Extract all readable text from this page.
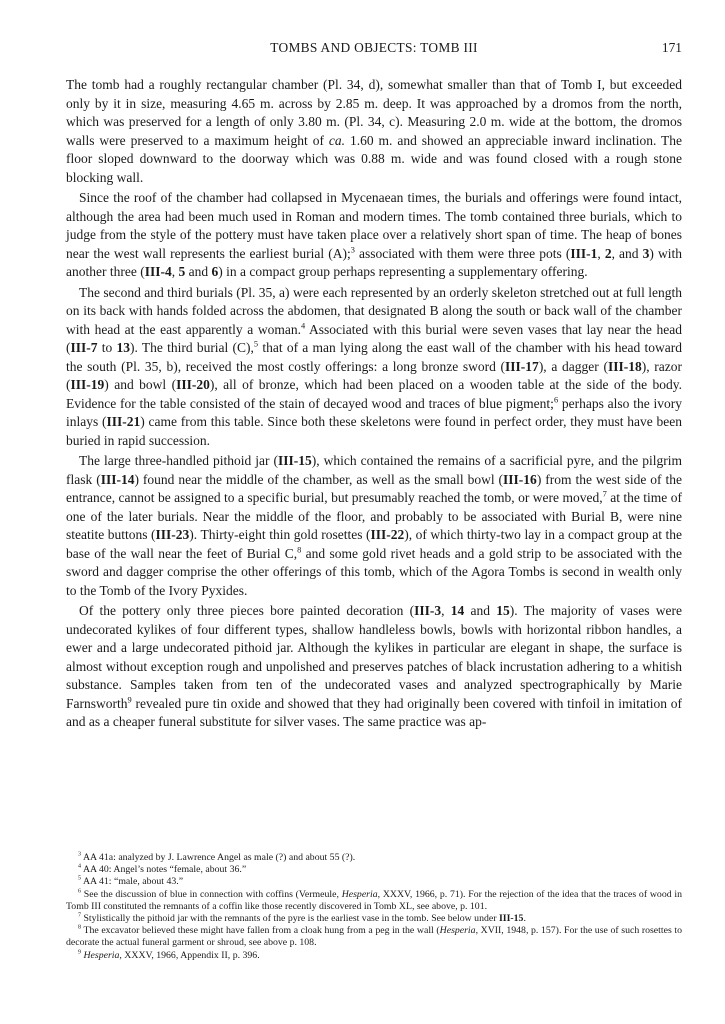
TOMBS AND OBJECTS: TOMB III	171

The tomb had a roughly rectangular chamber (Pl. 34, d), somewhat smaller than that of Tomb I, but exceeded only by it in size, measuring 4.65 m. across by 2.85 m. deep. It was approached by a dromos from the north, which was preserved for a length of only 3.80 m. (Pl. 34, c). Measuring 2.0 m. wide at the bottom, the dromos walls were preserved to a maximum height of ca. 1.60 m. and showed an appreciable inward inclination. The floor sloped downward to the doorway which was 0.88 m. wide and was found closed with a rough stone blocking wall.

Since the roof of the chamber had collapsed in Mycenaean times, the burials and offerings were found intact, although the area had been much used in Roman and modern times. The tomb contained three burials, which to judge from the style of the pottery must have taken place over a relatively short span of time. The heap of bones near the west wall represents the earliest burial (A);$^3$ associated with them were three pots (III-1, 2, and 3) with another three (III-4, 5 and 6) in a compact group perhaps representing a supplementary offering.

The second and third burials (Pl. 35, a) were each represented by an orderly skeleton stretched out at full length on its back with hands folded across the abdomen, that designated B along the south or back wall of the chamber with head at the east apparently a woman.$^4$ Associated with this burial were seven vases that lay near the head (III-7 to 13). The third burial (C),$^5$ that of a man lying along the east wall of the chamber with his head toward the south (Pl. 35, b), received the most costly offerings: a long bronze sword (III-17), a dagger (III-18), razor (III-19) and bowl (III-20), all of bronze, which had been placed on a wooden table at the side of the body. Evidence for the table consisted of the stain of decayed wood and traces of blue pigment;$^6$ perhaps also the ivory inlays (III-21) came from this table. Since both these skeletons were found in perfect order, they must have been buried in rapid succession.

The large three-handled pithoid jar (III-15), which contained the remains of a sacrificial pyre, and the pilgrim flask (III-14) found near the middle of the chamber, as well as the small bowl (III-16) from the west side of the entrance, cannot be assigned to a specific burial, but presumably reached the tomb, or were moved,$^7$ at the time of one of the later burials. Near the middle of the floor, and probably to be associated with Burial B, were nine steatite buttons (III-23). Thirty-eight thin gold rosettes (III-22), of which thirty-two lay in a compact group at the base of the wall near the feet of Burial C,$^8$ and some gold rivet heads and a gold strip to be associated with the sword and dagger comprise the other offerings of this tomb, which of the Agora Tombs is second in wealth only to the Tomb of the Ivory Pyxides.

Of the pottery only three pieces bore painted decoration (III-3, 14 and 15). The majority of vases were undecorated kylikes of four different types, shallow handleless bowls, bowls with horizontal ribbon handles, a ewer and a large undecorated pithoid jar. Although the kylikes in particular are elegant in shape, the surface is almost without exception rough and unpolished and preserves patches of black incrustation adhering to a whitish substance. Samples taken from ten of the undecorated vases and analyzed spectrographically by Marie Farnsworth$^9$ revealed pure tin oxide and showed that they had originally been covered with tinfoil in imitation of and as a cheaper funeral substitute for silver vases. The same practice was ap-

$^3$ AA 41a: analyzed by J. Lawrence Angel as male (?) and about 55 (?).

$^4$ AA 40: Angel’s notes “female, about 36.”

$^5$ AA 41: “male, about 43.”

$^6$ See the discussion of blue in connection with coffins (Vermeule, Hesperia, XXXV, 1966, p. 71). For the rejection of the idea that the traces of wood in Tomb III constituted the remnants of a coffin like those recently discovered in Tomb XL, see above, p. 101.

$^7$ Stylistically the pithoid jar with the remnants of the pyre is the earliest vase in the tomb. See below under III-15.

$^8$ The excavator believed these might have fallen from a cloak hung from a peg in the wall (Hesperia, XVII, 1948, p. 157). For the use of such rosettes to decorate the actual funeral garment or shroud, see above p. 108.

$^9$ Hesperia, XXXV, 1966, Appendix II, p. 396.
